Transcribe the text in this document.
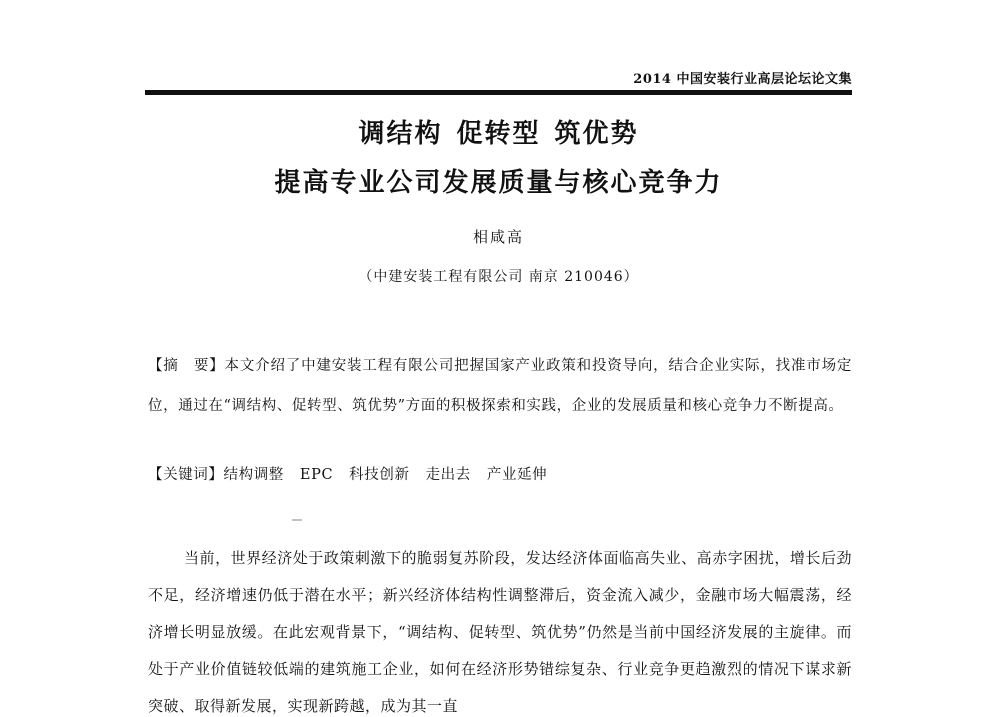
2014 中国安装行业高层论坛论文集
调结构 促转型 筑优势
提高专业公司发展质量与核心竞争力
相咸高
（中建安装工程有限公司 南京 210046）
【摘　要】本文介绍了中建安装工程有限公司把握国家产业政策和投资导向，结合企业实际，找准市场定位，通过在“调结构、促转型、筑优势”方面的积极探索和实践，企业的发展质量和核心竞争力不断提高。
【关键词】结构调整 EPC 科技创新 走出去 产业延伸
当前，世界经济处于政策刺激下的脆弱复苏阶段，发达经济体面临高失业、高赤字困扰，增长后劲不足，经济增速仍低于潜在水平；新兴经济体结构性调整滞后，资金流入减少，金融市场大幅震荡，经济增长明显放缓。在此宏观背景下，“调结构、促转型、筑优势”仍然是当前中国经济发展的主旋律。而处于产业价值链较低端的建筑施工企业，如何在经济形势错综复杂、行业竞争更趋激烈的情况下谋求新突破、取得新发展，实现新跨越，成为其一直
